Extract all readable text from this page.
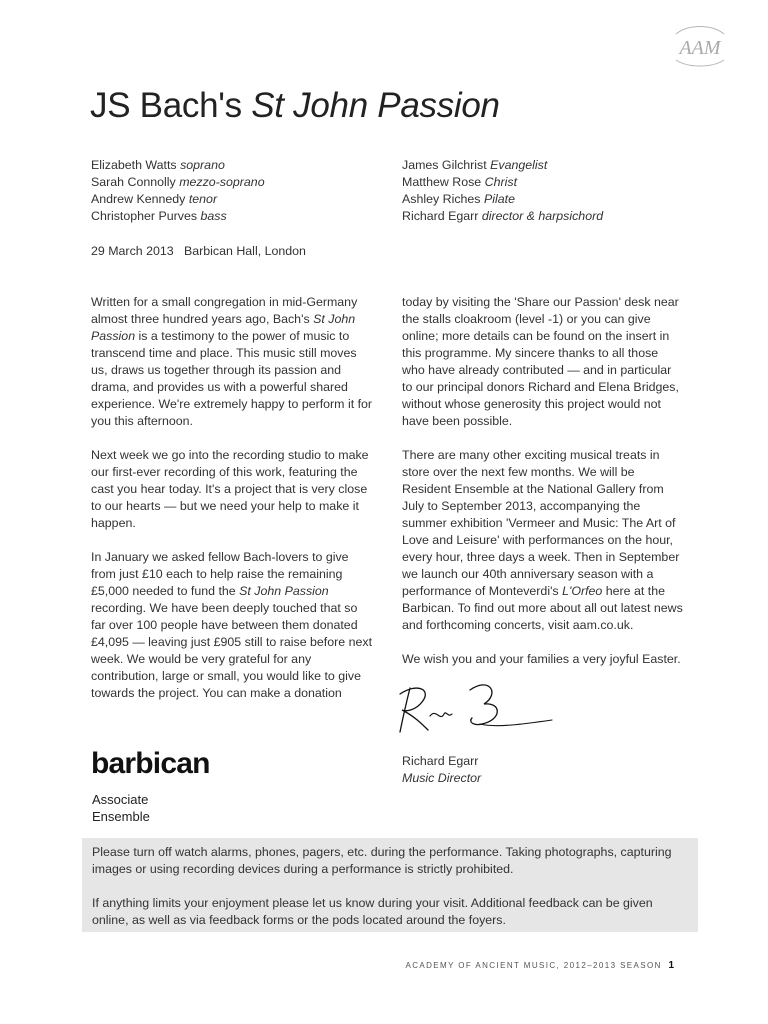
AAM
JS Bach's St John Passion
Elizabeth Watts soprano
Sarah Connolly mezzo-soprano
Andrew Kennedy tenor
Christopher Purves bass
James Gilchrist Evangelist
Matthew Rose Christ
Ashley Riches Pilate
Richard Egarr director & harpsichord
29 March 2013 Barbican Hall, London

Written for a small congregation in mid-Germany almost three hundred years ago, Bach's St John Passion is a testimony to the power of music to transcend time and place. This music still moves us, draws us together through its passion and drama, and provides us with a powerful shared experience. We're extremely happy to perform it for you this afternoon.

Next week we go into the recording studio to make our first-ever recording of this work, featuring the cast you hear today. It's a project that is very close to our hearts — but we need your help to make it happen.

In January we asked fellow Bach-lovers to give from just £10 each to help raise the remaining £5,000 needed to fund the St John Passion recording. We have been deeply touched that so far over 100 people have between them donated £4,095 — leaving just £905 still to raise before next week. We would be very grateful for any contribution, large or small, you would like to give towards the project. You can make a donation

today by visiting the 'Share our Passion' desk near the stalls cloakroom (level -1) or you can give online; more details can be found on the insert in this programme. My sincere thanks to all those who have already contributed — and in particular to our principal donors Richard and Elena Bridges, without whose generosity this project would not have been possible.

There are many other exciting musical treats in store over the next few months. We will be Resident Ensemble at the National Gallery from July to September 2013, accompanying the summer exhibition 'Vermeer and Music: The Art of Love and Leisure' with performances on the hour, every hour, three days a week. Then in September we launch our 40th anniversary season with a performance of Monteverdi's L'Orfeo here at the Barbican. To find out more about all out latest news and forthcoming concerts, visit aam.co.uk.

We wish you and your families a very joyful Easter.

Richard Egarr
Music Director
barbican
Associate
Ensemble

Please turn off watch alarms, phones, pagers, etc. during the performance. Taking photographs, capturing images or using recording devices during a performance is strictly prohibited.

If anything limits your enjoyment please let us know during your visit. Additional feedback can be given online, as well as via feedback forms or the pods located around the foyers.

ACADEMY OF ANCIENT MUSIC, 2012–2013 SEASON 1
